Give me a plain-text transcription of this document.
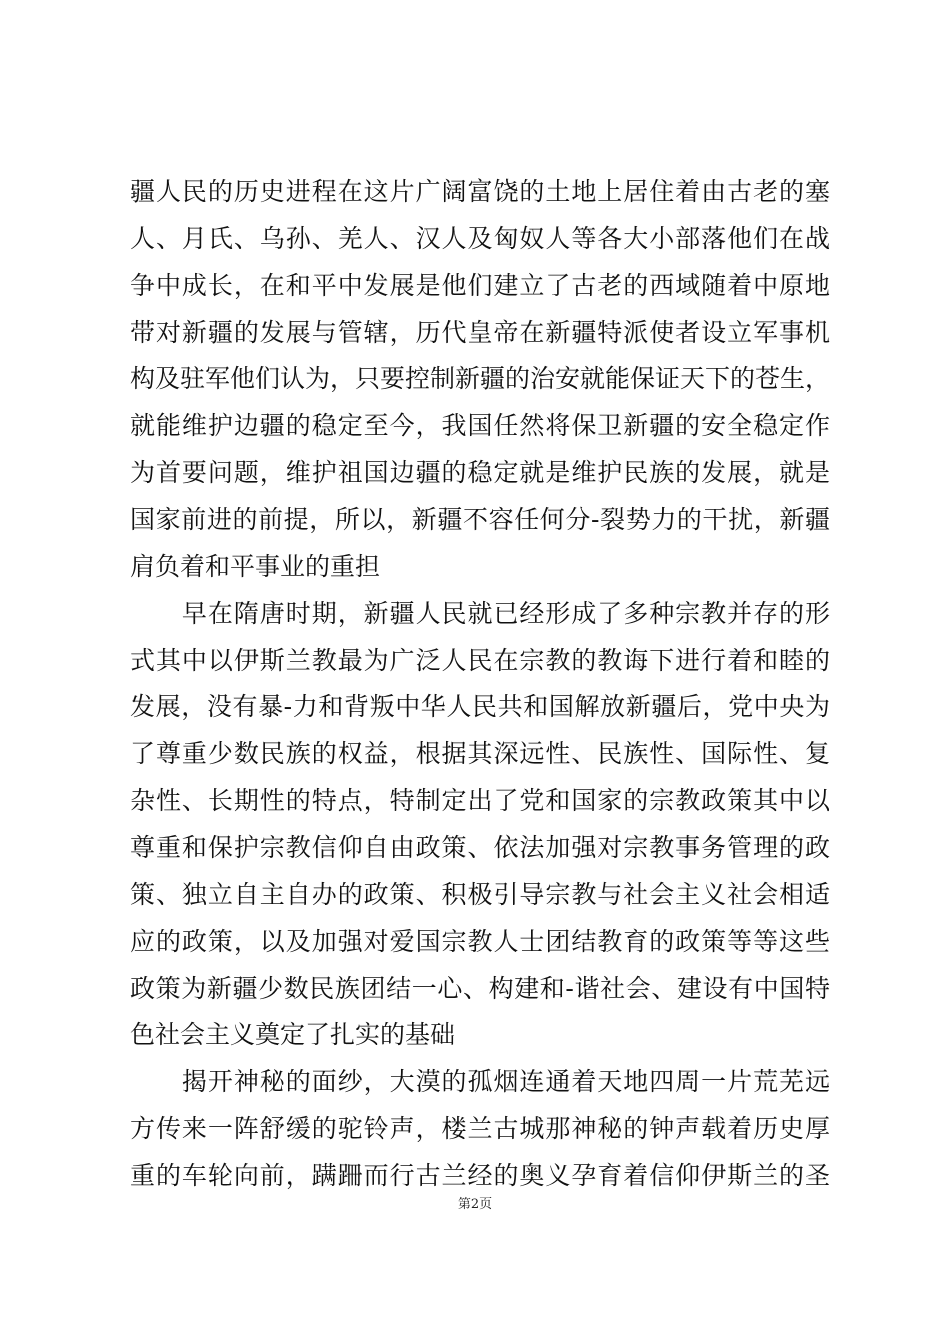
疆人民的历史进程在这片广阔富饶的土地上居住着由古老的塞
人、月氏、乌孙、羌人、汉人及匈奴人等各大小部落他们在战
争中成长，在和平中发展是他们建立了古老的西域随着中原地
带对新疆的发展与管辖，历代皇帝在新疆特派使者设立军事机
构及驻军他们认为，只要控制新疆的治安就能保证天下的苍生，
就能维护边疆的稳定至今，我国任然将保卫新疆的安全稳定作
为首要问题，维护祖国边疆的稳定就是维护民族的发展，就是
国家前进的前提，所以，新疆不容任何分-裂势力的干扰，新疆
肩负着和平事业的重担
　　早在隋唐时期，新疆人民就已经形成了多种宗教并存的形
式其中以伊斯兰教最为广泛人民在宗教的教诲下进行着和睦的
发展，没有暴-力和背叛中华人民共和国解放新疆后，党中央为
了尊重少数民族的权益，根据其深远性、民族性、国际性、复
杂性、长期性的特点，特制定出了党和国家的宗教政策其中以
尊重和保护宗教信仰自由政策、依法加强对宗教事务管理的政
策、独立自主自办的政策、积极引导宗教与社会主义社会相适
应的政策，以及加强对爱国宗教人士团结教育的政策等等这些
政策为新疆少数民族团结一心、构建和-谐社会、建设有中国特
色社会主义奠定了扎实的基础
　　揭开神秘的面纱，大漠的孤烟连通着天地四周一片荒芜远
方传来一阵舒缓的驼铃声，楼兰古城那神秘的钟声载着历史厚
重的车轮向前，蹒跚而行古兰经的奥义孕育着信仰伊斯兰的圣
第2页
